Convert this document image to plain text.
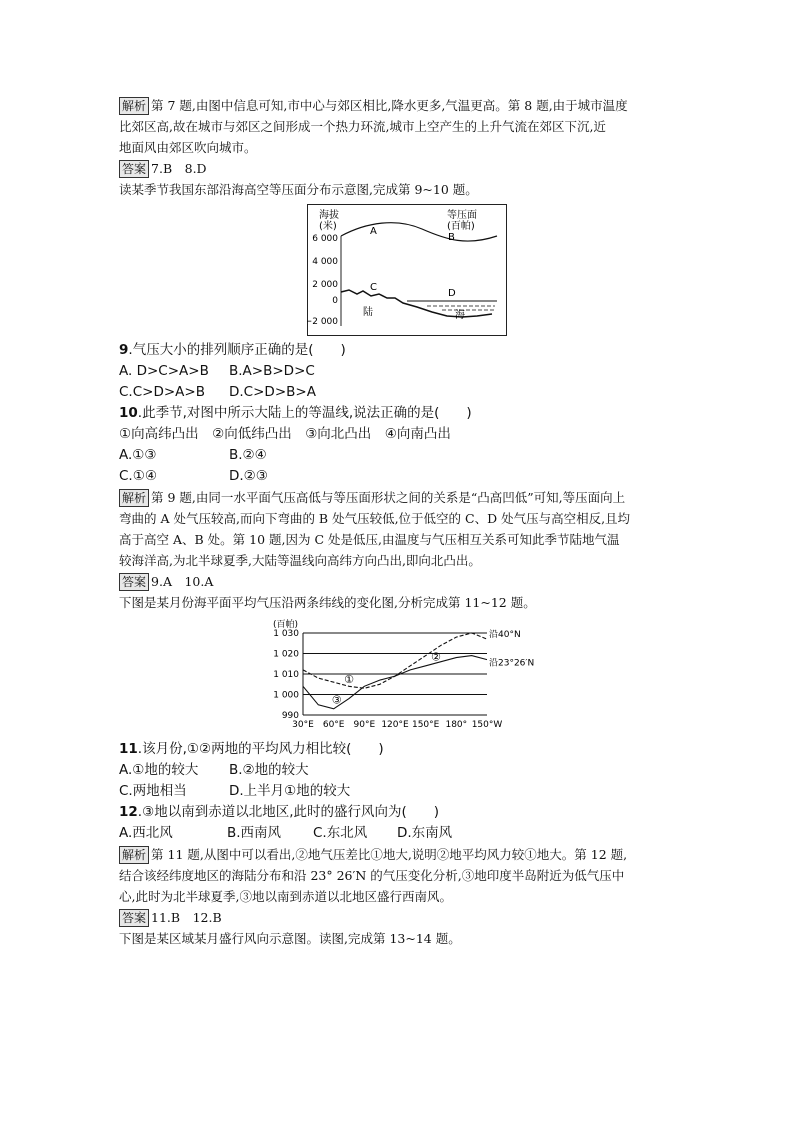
解析 第 7 题,由图中信息可知,市中心与郊区相比,降水更多,气温更高。第 8 题,由于城市温度
比郊区高,故在城市与郊区之间形成一个热力环流,城市上空产生的上升气流在郊区下沉,近
地面风由郊区吹向城市。

答案 7.B　8.D

读某季节我国东部沿海高空等压面分布示意图,完成第 9~10 题。

海拔
(米)
等压面
(百帕)
6 000
4 000
2 000
0
−2 000
A
B
C
D
陆	海

9.气压大小的排列顺序正确的是(　　)

A. D>C>A>B	B.A>B>D>C
C.C>D>A>B	D.C>D>B>A

10.此季节,对图中所示大陆上的等温线,说法正确的是(　　)

①向高纬凸出　②向低纬凸出　③向北凸出　④向南凸出

A.①③	B.②④
C.①④	D.②③

解析 第 9 题,由同一水平面气压高低与等压面形状之间的关系是“凸高凹低”可知,等压面向上
弯曲的 A 处气压较高,而向下弯曲的 B 处气压较低,位于低空的 C、D 处气压与高空相反,且均
高于高空 A、B 处。第 10 题,因为 C 处是低压,由温度与气压相互关系可知此季节陆地气温
较海洋高,为北半球夏季,大陆等温线向高纬方向凸出,即向北凸出。

答案 9.A　10.A

下图是某月份海平面平均气压沿两条纬线的变化图,分析完成第 11~12 题。

(百帕)
1 030
1 020
1 010
1 000
990
30°E 60°E 90°E 120°E 150°E 180° 150°W
沿40°N
沿23°26′N
①
②
③

11.该月份,①②两地的平均风力相比较(　　)

A.①地的较大	B.②地的较大
C.两地相当	D.上半月①地的较大

12.③地以南到赤道以北地区,此时的盛行风向为(　　)

A.西北风	B.西南风	C.东北风	D.东南风

解析 第 11 题,从图中可以看出,②地气压差比①地大,说明②地平均风力较①地大。第 12 题,
结合该经纬度地区的海陆分布和沿 23° 26′N 的气压变化分析,③地印度半岛附近为低气压中
心,此时为北半球夏季,③地以南到赤道以北地区盛行西南风。

答案 11.B　12.B

下图是某区域某月盛行风向示意图。读图,完成第 13~14 题。
